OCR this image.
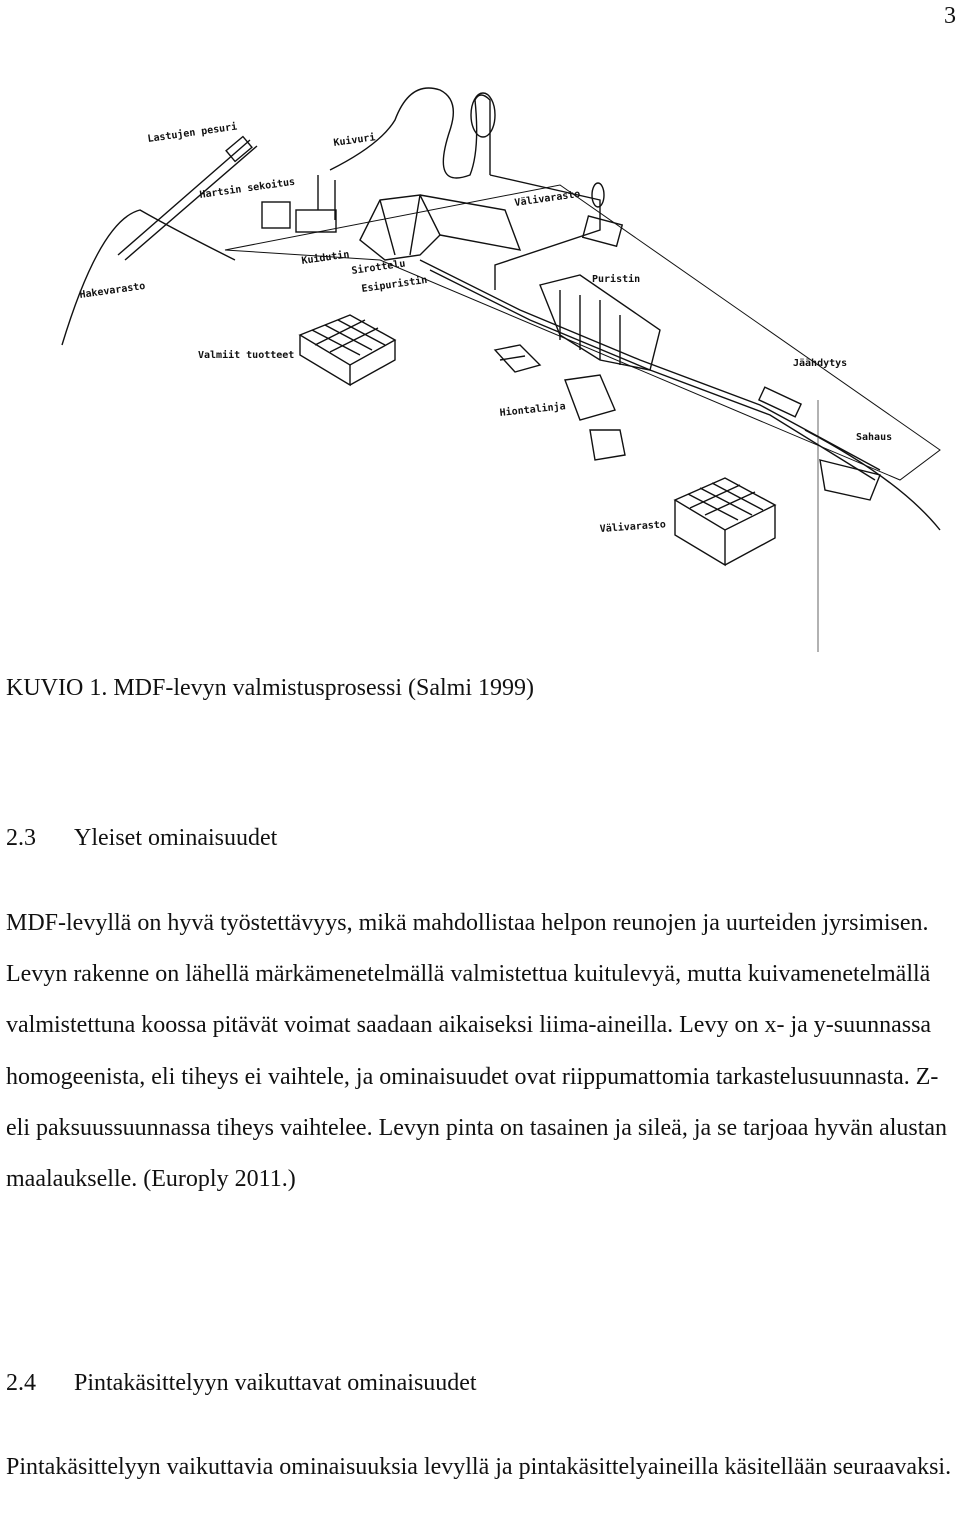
3
Lastujen pesuri	Kuivuri
Hartsin sekoitus	Välivarasto
Kuidutin
Sirottelu
Esipuristin
Hakevarasto
Puristin
Valmiit tuotteet
Jäähdytys
Hiontalinja
Sahaus
Välivarasto
KUVIO 1. MDF-levyn valmistusprosessi (Salmi 1999)
2.3 Yleiset ominaisuudet

MDF-levyllä on hyvä työstettävyys, mikä mahdollistaa helpon reunojen ja uurteiden jyrsimisen. Levyn rakenne on lähellä märkämenetelmällä valmistettua kuitulevyä, mutta kuivamenetelmällä valmistettuna koossa pitävät voimat saadaan aikaiseksi liima-aineilla. Levy on x- ja y-suunnassa homogeenista, eli tiheys ei vaihtele, ja ominaisuudet ovat riippumattomia tarkastelusuunnasta. Z- eli paksuussuunnassa tiheys vaihtelee. Levyn pinta on tasainen ja sileä, ja se tarjoaa hyvän alustan maalaukselle. (Europly 2011.)

2.4 Pintakäsittelyyn vaikuttavat ominaisuudet

Pintakäsittelyyn vaikuttavia ominaisuuksia levyllä ja pintakäsittelyaineilla käsitellään seuraavaksi.
